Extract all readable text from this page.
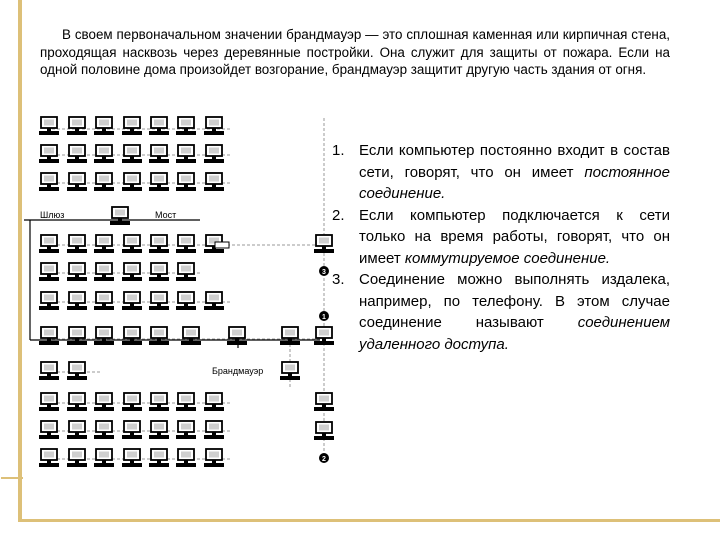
В своем первоначальном значении брандмауэр — это сплошная каменная или кирпичная стена, проходящая насквозь через деревянные постройки. Она служит для защиты от пожара. Если на одной половине дома произойдет возгорание, брандмауэр защитит другую часть здания от огня.

Шлюз	Мост
Брандмауэр
1
2
3
1. Если компьютер постоянно входит в состав сети, говорят, что он имеет постоянное соединение.
2. Если компьютер подключается к сети только на время работы, говорят, что он имеет коммутируемое соединение.
3. Соединение можно выполнять издалека, например, по телефону. В этом случае соединение называют соединением удаленного доступа.
